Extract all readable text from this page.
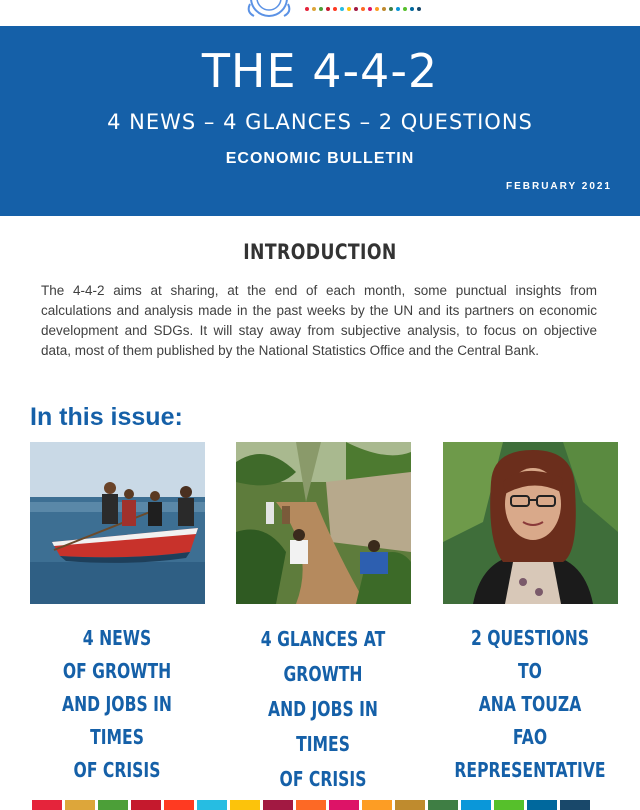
THE 4-4-2
4 NEWS – 4 GLANCES – 2 QUESTIONS
ECONOMIC BULLETIN
FEBRUARY 2021
INTRODUCTION

The 4-4-2 aims at sharing, at the end of each month, some punctual insights from calculations and analysis made in the past weeks by the UN and its partners on economic development and SDGs. It will stay away from subjective analysis, to focus on objective data, most of them published by the National Statistics Office and the Central Bank.

In this issue:
4 NEWS
OF GROWTH
AND JOBS IN TIMES
OF CRISIS
4 GLANCES AT
GROWTH
AND JOBS IN TIMES
OF CRISIS
2 QUESTIONS
TO
ANA TOUZA
FAO REPRESENTATIVE
